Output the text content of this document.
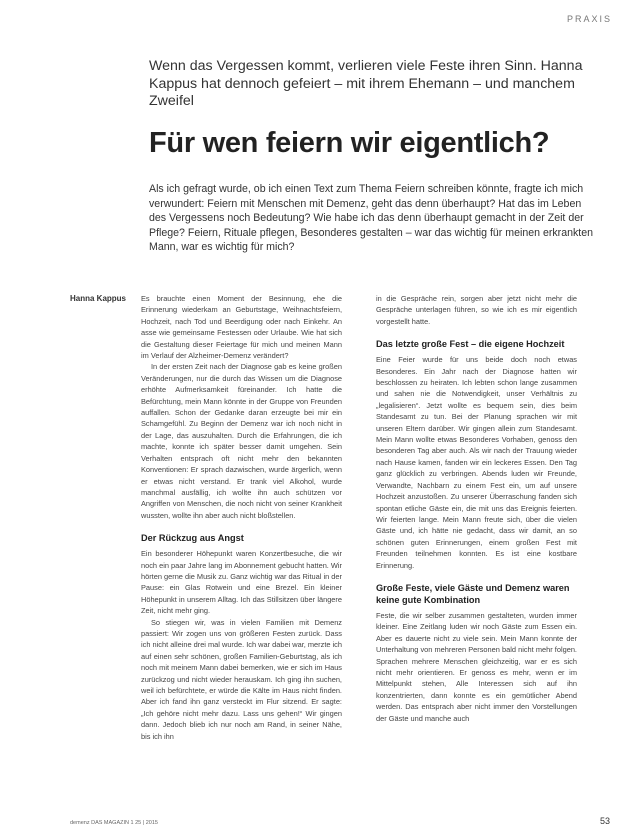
PRAXIS
Wenn das Vergessen kommt, verlieren viele Feste ihren Sinn. Hanna Kappus hat dennoch gefeiert – mit ihrem Ehemann – und manchem Zweifel
Für wen feiern wir eigentlich?
Als ich gefragt wurde, ob ich einen Text zum Thema Feiern schreiben könnte, fragte ich mich verwundert: Feiern mit Menschen mit Demenz, geht das denn überhaupt? Hat das im Leben des Vergessens noch Bedeutung? Wie habe ich das denn überhaupt gemacht in der Zeit der Pflege? Feiern, Rituale pflegen, Besonderes gestalten – war das wichtig für meinen erkrankten Mann, war es wichtig für mich?
Hanna Kappus Es brauchte einen Moment der Besinnung, ehe die Erinnerung wiederkam an Geburtstage, Weihnachtsfeiern, Hochzeit, nach Tod und Beerdigung oder nach Einkehr. An asse wie gemeinsame Festessen oder Urlaube. Wie hat sich die Gestaltung dieser Feiertage für mich und meinen Mann im Verlauf der Alzheimer-Demenz verändert?

In der ersten Zeit nach der Diagnose gab es keine großen Veränderungen, nur die durch das Wissen um die Diagnose erhöhte Aufmerksamkeit füreinander. Ich hatte die Befürchtung, mein Mann könnte in der Gruppe von Freunden auffallen. Schon der Gedanke daran erzeugte bei mir ein Schamgefühl. Zu Beginn der Demenz war ich noch nicht in der Lage, das auszuhalten. Durch die Erfahrungen, die ich machte, konnte ich später besser damit umgehen. Sein Verhalten entsprach oft nicht mehr den bekannten Konventionen: Er sprach dazwischen, wurde ärgerlich, wenn er etwas nicht verstand. Er trank viel Alkohol, wurde manchmal ausfällig, ich wollte ihn auch schützen vor Angriffen von Menschen, die noch nicht von seiner Krankheit wussten, wollte ihn aber auch nicht bloßstellen.

Der Rückzug aus Angst

Ein besonderer Höhepunkt waren Konzertbesuche, die wir noch ein paar Jahre lang im Abonnement gebucht hatten. Wir hörten gerne die Musik zu. Ganz wichtig war das Ritual in der Pause: ein Glas Rotwein und eine Brezel. Ein kleiner Höhepunkt in unserem Alltag. Ich das Stillsitzen über längere Zeit, nicht mehr ging.

So stiegen wir, was in vielen Familien mit Demenz passiert: Wir zogen uns von größeren Festen zurück. Dass ich nicht alleine drei mal wurde. Ich war dabei war, merzte ich auf einen sehr schönen, großen Familien-Geburtstag, als ich noch mit meinem Mann dabei bemerken, wie er sich im Haus zurückzog und nicht wieder herauskam. Ich ging ihn suchen, weil ich befürchtete, er würde die Kälte im Haus nicht finden. Aber ich fand ihn ganz versteckt im Flur sitzend. Er sagte: „Ich gehöre nicht mehr dazu. Lass uns gehen!“ Wir gingen dann. Jedoch blieb ich nur noch am Rand, in seiner Nähe, bis ich ihn

in die Gespräche rein, sorgen aber jetzt nicht mehr die Gespräche unterlagen führen, so wie ich es mir eigentlich vorgestellt hatte.

Das letzte große Fest – die eigene Hochzeit

Eine Feier wurde für uns beide doch noch etwas Besonderes. Ein Jahr nach der Diagnose hatten wir beschlossen zu heiraten. Ich lebten schon lange zusammen und sahen nie die Notwendigkeit, unser Verhältnis zu „legalisieren“. Jetzt wollte es bequem sein, dies beim Standesamt zu tun. Bei der Planung sprachen wir mit unseren Eltern darüber. Wir gingen allein zum Standesamt. Mein Mann wollte etwas Besonderes Vorhaben, genoss den besonderen Tag aber auch. Als wir nach der Trauung wieder nach Hause kamen, fanden wir ein leckeres Essen. Den Tag ganz glücklich zu verbringen. Abends luden wir Freunde, Verwandte, Nachbarn zu einem Fest ein, um auf unsere Hochzeit anzustoßen. Zu unserer Überraschung fanden sich spontan etliche Gäste ein, die mit uns das Ereignis feierten. Wir feierten lange. Mein Mann freute sich, über die vielen Gäste und, ich hätte nie gedacht, dass wir damit, an so schönen guten Erinnerungen, einem großen Fest mit Freunden teilnehmen konnten. Es ist eine kostbare Erinnerung.

Große Feste, viele Gäste und Demenz waren keine gute Kombination

Feste, die wir selber zusammen gestalteten, wurden immer kleiner. Eine Zeitlang luden wir noch Gäste zum Essen ein. Aber es dauerte nicht zu viele sein. Mein Mann konnte der Unterhaltung von mehreren Personen bald nicht mehr folgen. Sprachen mehrere Menschen gleichzeitig, war er es sich nicht mehr orientieren. Er genoss es mehr, wenn er im Mittelpunkt stehen, Alle Interessen sich auf ihn konzentrierten, dann konnte es ein gemütlicher Abend werden. Das entsprach aber nicht immer den Vorstellungen der Gäste und manche auch

demenz DAS MAGAZIN 1 25 | 2015	53
